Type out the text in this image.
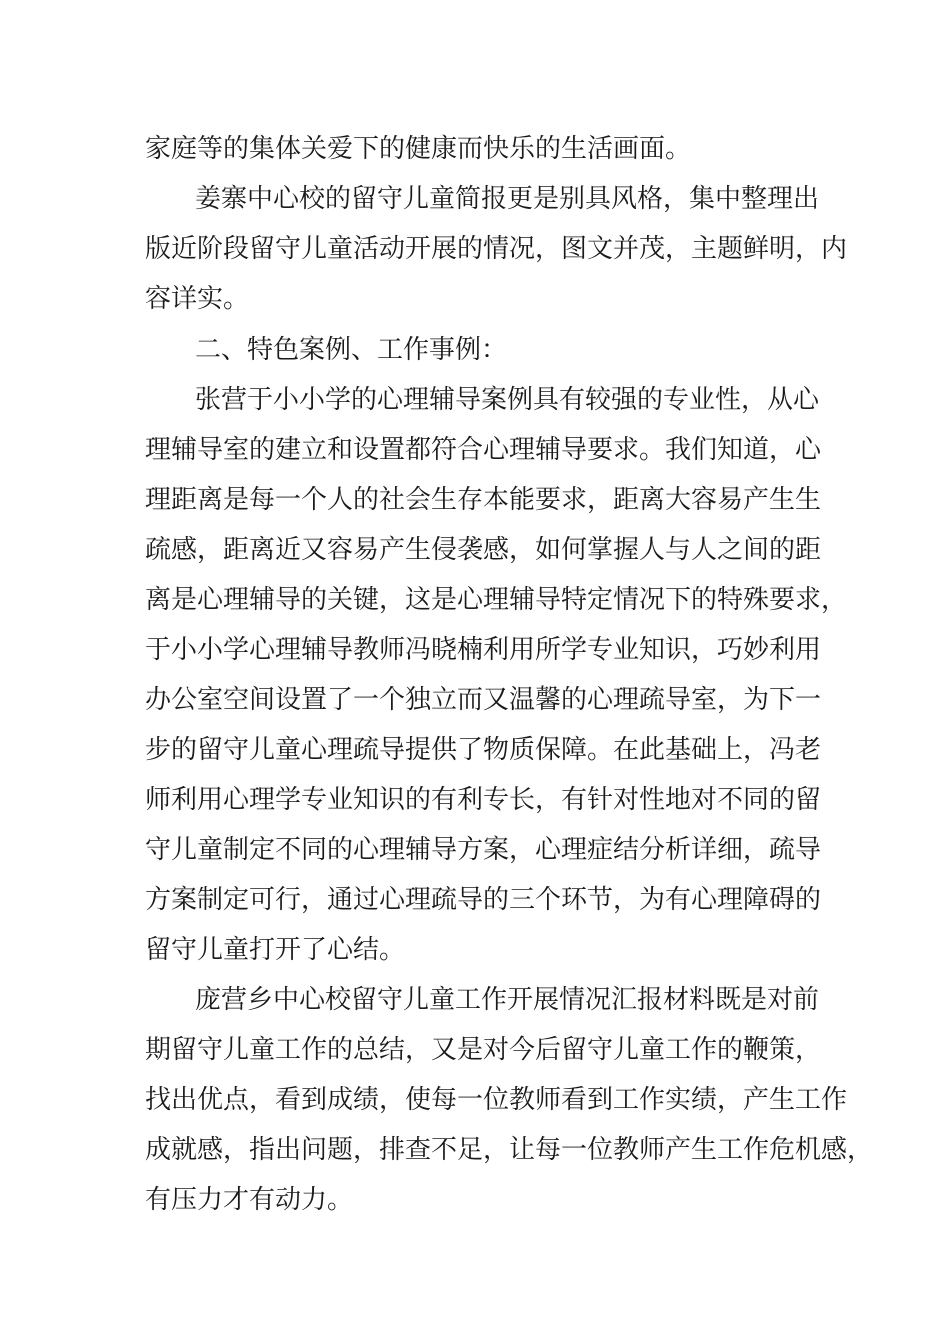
家庭等的集体关爱下的健康而快乐的生活画面。

姜寨中心校的留守儿童简报更是别具风格，集中整理出

版近阶段留守儿童活动开展的情况，图文并茂，主题鲜明，内

容详实。

二、特色案例、工作事例：

张营于小小学的心理辅导案例具有较强的专业性，从心

理辅导室的建立和设置都符合心理辅导要求。我们知道，心

理距离是每一个人的社会生存本能要求，距离大容易产生生

疏感，距离近又容易产生侵袭感，如何掌握人与人之间的距

离是心理辅导的关键，这是心理辅导特定情况下的特殊要求，

于小小学心理辅导教师冯晓楠利用所学专业知识，巧妙利用

办公室空间设置了一个独立而又温馨的心理疏导室，为下一

步的留守儿童心理疏导提供了物质保障。在此基础上，冯老

师利用心理学专业知识的有利专长，有针对性地对不同的留

守儿童制定不同的心理辅导方案，心理症结分析详细，疏导

方案制定可行，通过心理疏导的三个环节，为有心理障碍的

留守儿童打开了心结。

庞营乡中心校留守儿童工作开展情况汇报材料既是对前

期留守儿童工作的总结，又是对今后留守儿童工作的鞭策，

找出优点，看到成绩，使每一位教师看到工作实绩，产生工作

成就感，指出问题，排查不足，让每一位教师产生工作危机感，

有压力才有动力。
